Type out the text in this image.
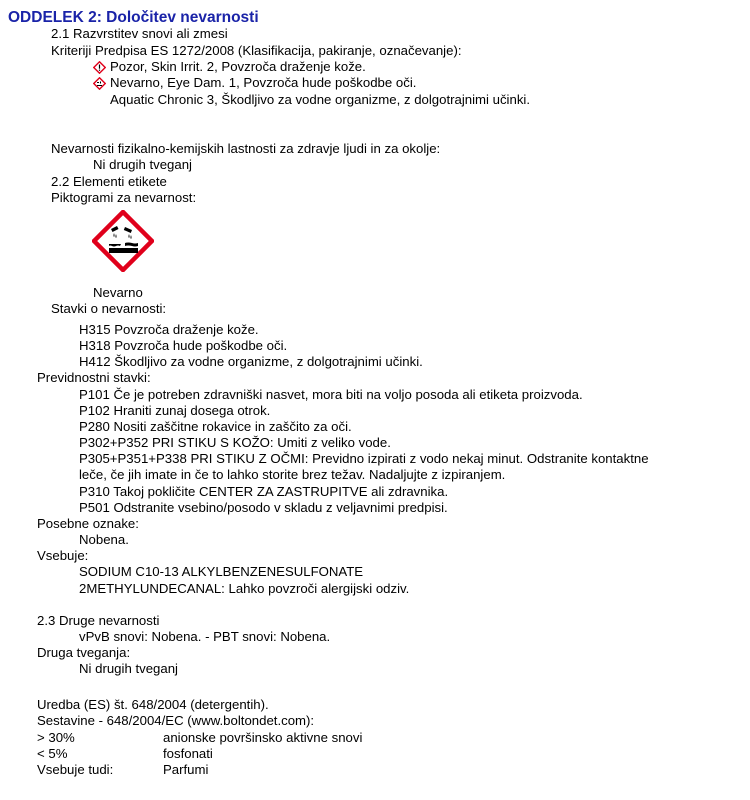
ODDELEK 2: Določitev nevarnosti
2.1 Razvrstitev snovi ali zmesi
Kriteriji Predpisa ES 1272/2008 (Klasifikacija, pakiranje, označevanje):
Pozor, Skin Irrit. 2, Povzroča draženje kože.
Nevarno, Eye Dam. 1, Povzroča hude poškodbe oči.
Aquatic Chronic 3, Škodljivo za vodne organizme, z dolgotrajnimi učinki.
Nevarnosti fizikalno-kemijskih lastnosti za zdravje ljudi in za okolje:
Ni drugih tveganj
2.2 Elementi etikete
Piktogrami za nevarnost:
Nevarno
Stavki o nevarnosti:
H315 Povzroča draženje kože.
H318 Povzroča hude poškodbe oči.
H412 Škodljivo za vodne organizme, z dolgotrajnimi učinki.
Previdnostni stavki:
P101 Če je potreben zdravniški nasvet, mora biti na voljo posoda ali etiketa proizvoda.
P102 Hraniti zunaj dosega otrok.
P280 Nositi zaščitne rokavice in zaščito za oči.
P302+P352 PRI STIKU S KOŽO: Umiti z veliko vode.
P305+P351+P338 PRI STIKU Z OČMI: Previdno izpirati z vodo nekaj minut. Odstranite kontaktne
leče, če jih imate in če to lahko storite brez težav. Nadaljujte z izpiranjem.
P310 Takoj pokličite CENTER ZA ZASTRUPITVE ali zdravnika.
P501 Odstranite vsebino/posodo v skladu z veljavnimi predpisi.
Posebne oznake:
Nobena.
Vsebuje:
SODIUM C10-13 ALKYLBENZENESULFONATE
2METHYLUNDECANAL: Lahko povzroči alergijski odziv.
2.3 Druge nevarnosti
vPvB snovi: Nobena. - PBT snovi: Nobena.
Druga tveganja:
Ni drugih tveganj
Uredba (ES) št. 648/2004 (detergentih).
Sestavine - 648/2004/EC (www.boltondet.com):
> 30%	anionske površinsko aktivne snovi
< 5%	fosfonati
Vsebuje tudi:	Parfumi
